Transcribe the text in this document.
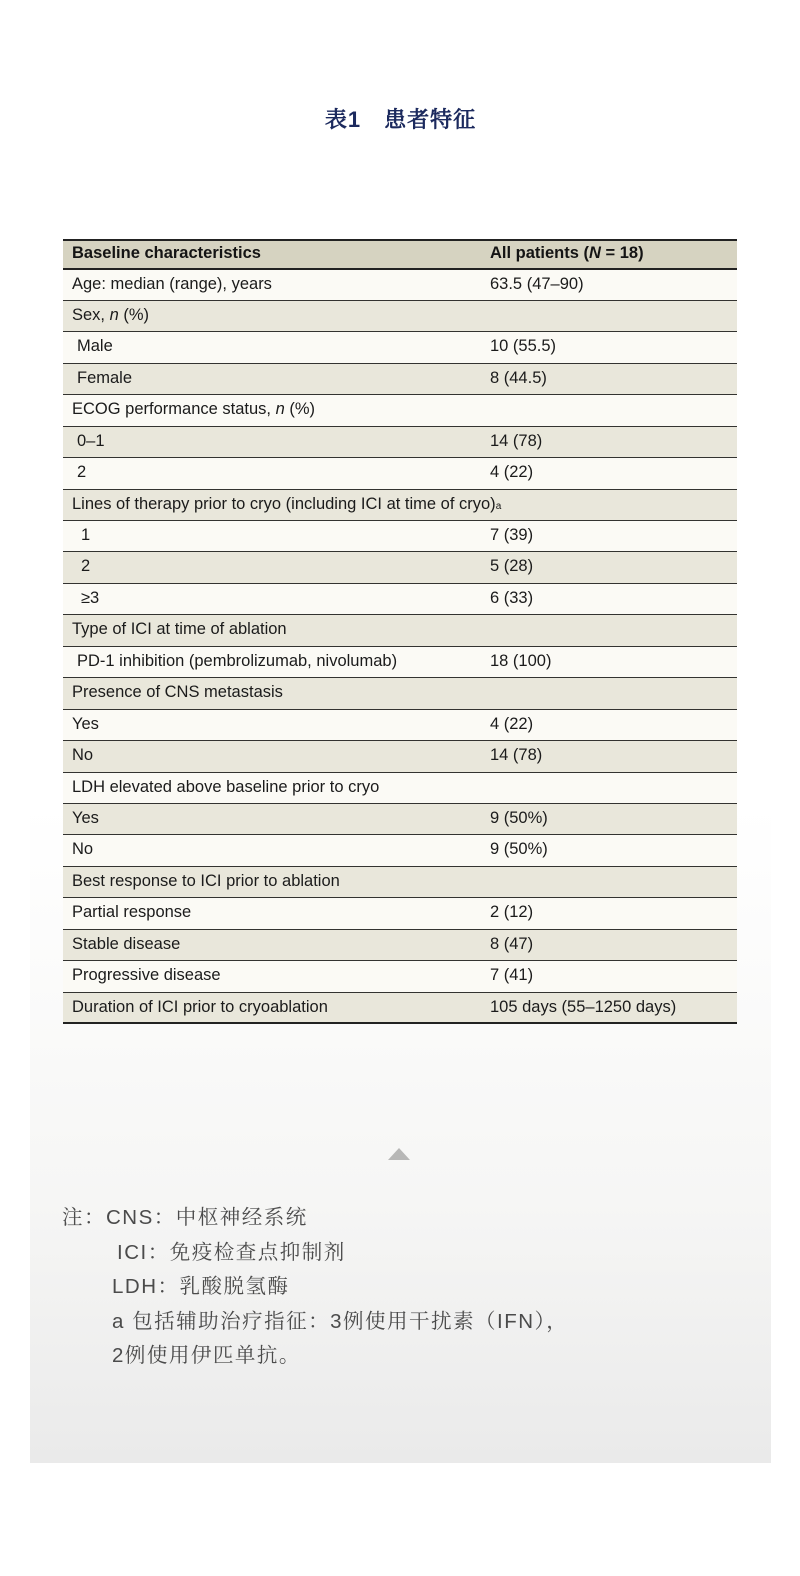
表1　患者特征
Baseline characteristics	All patients (N = 18)
Age: median (range), years	63.5 (47–90)
Sex, n (%)
Male	10 (55.5)
Female	8 (44.5)
ECOG performance status, n (%)
0–1	14 (78)
2	4 (22)
Lines of therapy prior to cryo (including ICI at time of cryo)$^a$
1	7 (39)
2	5 (28)
≥3	6 (33)
Type of ICI at time of ablation
PD-1 inhibition (pembrolizumab, nivolumab)	18 (100)
Presence of CNS metastasis
Yes	4 (22)
No	14 (78)
LDH elevated above baseline prior to cryo
Yes	9 (50%)
No	9 (50%)
Best response to ICI prior to ablation
Partial response	2 (12)
Stable disease	8 (47)
Progressive disease	7 (41)
Duration of ICI prior to cryoablation	105 days (55–1250 days)
注：CNS：中枢神经系统
ICI：免疫检查点抑制剂
LDH：乳酸脱氢酶
a 包括辅助治疗指征：3例使用干扰素（IFN），
2例使用伊匹单抗。
